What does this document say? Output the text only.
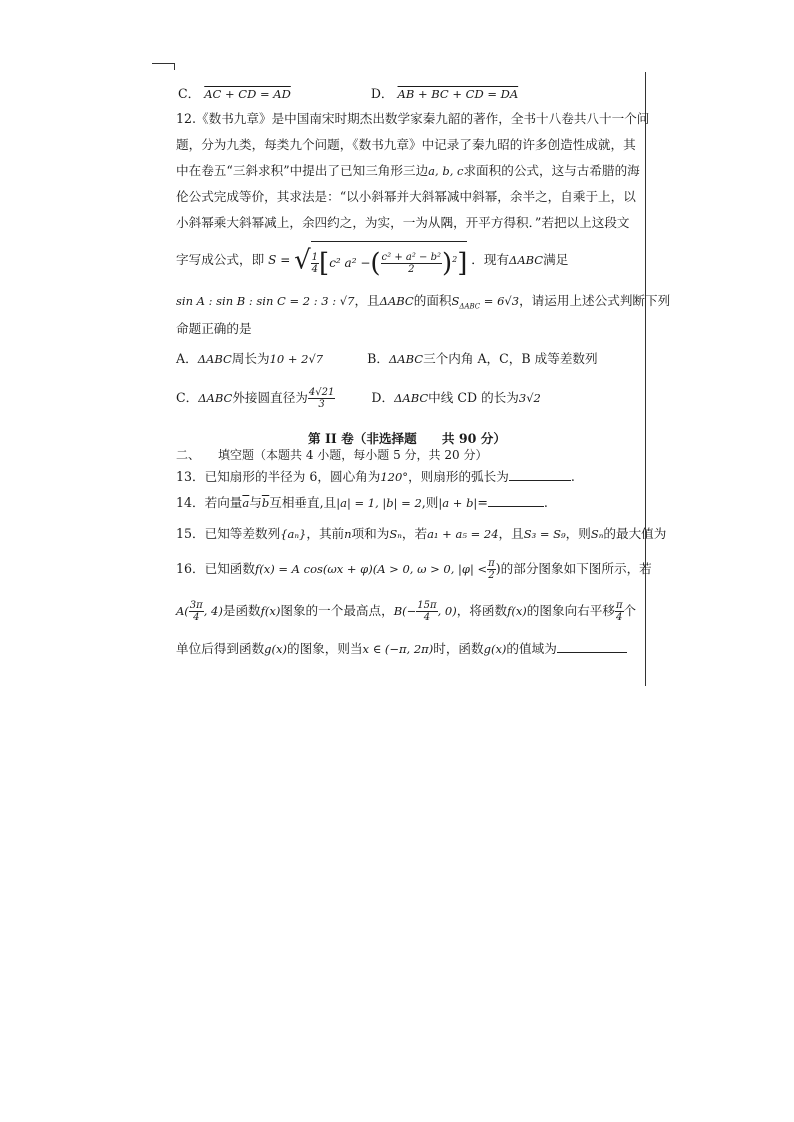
C． AC + CD = AD	D． AB + BC + CD = DA
12.《数书九章》是中国南宋时期杰出数学家秦九韶的著作，全书十八卷共八十一个问
题，分为九类，每类九个问题，《数书九章》中记录了秦九昭的许多创造性成就，其
中在卷五“三斜求积”中提出了已知三角形三边a, b, c求面积的公式，这与古希腊的海
伦公式完成等价，其求法是：“以小斜幂并大斜幂减中斜幂，余半之，自乘于上，以
小斜幂乘大斜幂减上，余四约之，为实，一为从隅，开平方得积．”若把以上这段文
字写成公式，即 S = √ $\frac{1}{4} [c^2$ a² −( $\frac{\text{c² + a² − b²}}{2} )^2$] ．现有ΔABC满足
sin A : sin B : sin C = 2 : 3 : √7，且ΔABC的面积$S_{\Delta ABC} = 6√3$，请运用上述公式判断下列
命题正确的是
A．ΔABC周长为10 + 2√7	B．ΔABC三个内角 A，C，B 成等差数列
C．ΔABC外接圆直径为 $\frac{4√21}{3}$	D．ΔABC中线 CD 的长为3√2
第 II 卷（非选择题　　共 90 分）
二、 填空题（本题共 4 小题，每小题 5 分，共 20 分）
13．已知扇形的半径为 6，圆心角为120°，则扇形的弧长为	.
14．若向量$\overline{a}$与$\overline{b}$互相垂直,且|a| = 1, |b| = 2,则|a + b|=	.
15．已知等差数列{aₙ}，其前n项和为Sₙ，若a₁ + a₅ = 24，且S₃ = S₉，则Sₙ的最大值为
16．已知函数f(x) = A cos(ωx + φ)(A > 0, ω > 0, $|\varphi| < \frac{\pi}{2}$ )的部分图象如下图所示，若
$A( \frac{3\pi}{4}$ , 4)是函数f(x)图象的一个最高点，$B(- \frac{15\pi}{4}$ , 0)，将函数f(x)的图象向右平移 $\frac{\pi}{4}$ 个
单位后得到函数g(x)的图象，则当x ∈ (−π, 2π)时，函数g(x)的值域为
